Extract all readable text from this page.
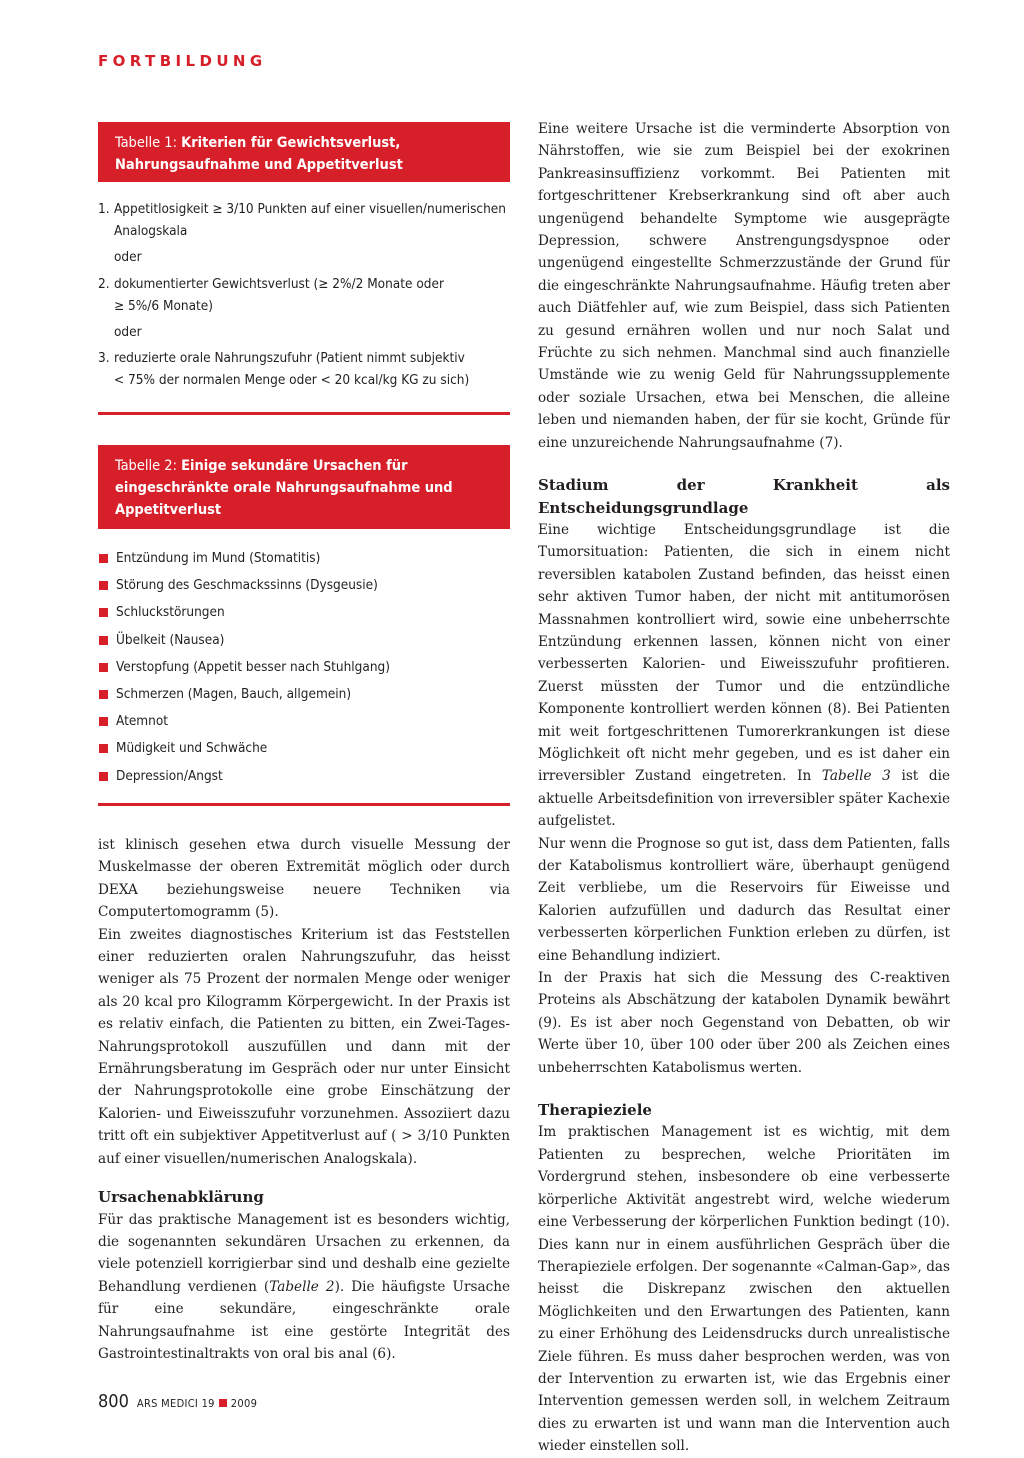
FORTBILDUNG
Tabelle 1: Kriterien für Gewichtsverlust, Nahrungsaufnahme und Appetitverlust
1. Appetitlosigkeit ≥ 3/10 Punkten auf einer visuellen/numerischen
Analogskala
oder
2. dokumentierter Gewichtsverlust (≥ 2%/2 Monate oder
≥ 5%/6 Monate)
oder
3. reduzierte orale Nahrungszufuhr (Patient nimmt subjektiv
< 75% der normalen Menge oder < 20 kcal/kg KG zu sich)
Tabelle 2: Einige sekundäre Ursachen für eingeschränkte orale Nahrungsaufnahme und Appetitverlust
Entzündung im Mund (Stomatitis)
Störung des Geschmackssinns (Dysgeusie)
Schluckstörungen
Übelkeit (Nausea)
Verstopfung (Appetit besser nach Stuhlgang)
Schmerzen (Magen, Bauch, allgemein)
Atemnot
Müdigkeit und Schwäche
Depression/Angst

ist klinisch gesehen etwa durch visuelle Messung der Muskelmasse der oberen Extremität möglich oder durch DEXA beziehungsweise neuere Techniken via Computertomogramm (5).

Ein zweites diagnostisches Kriterium ist das Feststellen einer reduzierten oralen Nahrungszufuhr, das heisst weniger als 75 Prozent der normalen Menge oder weniger als 20 kcal pro Kilogramm Körpergewicht. In der Praxis ist es relativ einfach, die Patienten zu bitten, ein Zwei-Tages-Nahrungsprotokoll auszufüllen und dann mit der Ernährungsberatung im Gespräch oder nur unter Einsicht der Nahrungsprotokolle eine grobe Einschätzung der Kalorien- und Eiweisszufuhr vorzunehmen. Assoziiert dazu tritt oft ein subjektiver Appetitverlust auf ( > 3/10 Punkten auf einer visuellen/numerischen Analogskala).

Ursachenabklärung

Für das praktische Management ist es besonders wichtig, die sogenannten sekundären Ursachen zu erkennen, da viele potenziell korrigierbar sind und deshalb eine gezielte Behandlung verdienen (Tabelle 2). Die häufigste Ursache für eine sekundäre, eingeschränkte orale Nahrungsaufnahme ist eine gestörte Integrität des Gastrointestinaltrakts von oral bis anal (6).

Eine weitere Ursache ist die verminderte Absorption von Nährstoffen, wie sie zum Beispiel bei der exokrinen Pankreasinsuffizienz vorkommt. Bei Patienten mit fortgeschrittener Krebserkrankung sind oft aber auch ungenügend behandelte Symptome wie ausgeprägte Depression, schwere Anstrengungsdyspnoe oder ungenügend eingestellte Schmerzzustände der Grund für die eingeschränkte Nahrungsaufnahme. Häufig treten aber auch Diätfehler auf, wie zum Beispiel, dass sich Patienten zu gesund ernähren wollen und nur noch Salat und Früchte zu sich nehmen. Manchmal sind auch finanzielle Umstände wie zu wenig Geld für Nahrungssupplemente oder soziale Ursachen, etwa bei Menschen, die alleine leben und niemanden haben, der für sie kocht, Gründe für eine unzureichende Nahrungsaufnahme (7).

Stadium der Krankheit als Entscheidungsgrundlage

Eine wichtige Entscheidungsgrundlage ist die Tumorsituation: Patienten, die sich in einem nicht reversiblen katabolen Zustand befinden, das heisst einen sehr aktiven Tumor haben, der nicht mit antitumorösen Massnahmen kontrolliert wird, sowie eine unbeherrschte Entzündung erkennen lassen, können nicht von einer verbesserten Kalorien- und Eiweisszufuhr profitieren. Zuerst müssten der Tumor und die entzündliche Komponente kontrolliert werden können (8). Bei Patienten mit weit fortgeschrittenen Tumorerkrankungen ist diese Möglichkeit oft nicht mehr gegeben, und es ist daher ein irreversibler Zustand eingetreten. In Tabelle 3 ist die aktuelle Arbeitsdefinition von irreversibler später Kachexie aufgelistet.

Nur wenn die Prognose so gut ist, dass dem Patienten, falls der Katabolismus kontrolliert wäre, überhaupt genügend Zeit verbliebe, um die Reservoirs für Eiweisse und Kalorien aufzufüllen und dadurch das Resultat einer verbesserten körperlichen Funktion erleben zu dürfen, ist eine Behandlung indiziert.

In der Praxis hat sich die Messung des C-reaktiven Proteins als Abschätzung der katabolen Dynamik bewährt (9). Es ist aber noch Gegenstand von Debatten, ob wir Werte über 10, über 100 oder über 200 als Zeichen eines unbeherrschten Katabolismus werten.

Therapieziele

Im praktischen Management ist es wichtig, mit dem Patienten zu besprechen, welche Prioritäten im Vordergrund stehen, insbesondere ob eine verbesserte körperliche Aktivität angestrebt wird, welche wiederum eine Verbesserung der körperlichen Funktion bedingt (10). Dies kann nur in einem ausführlichen Gespräch über die Therapieziele erfolgen. Der sogenannte «Calman-Gap», das heisst die Diskrepanz zwischen den aktuellen Möglichkeiten und den Erwartungen des Patienten, kann zu einer Erhöhung des Leidensdrucks durch unrealistische Ziele führen. Es muss daher besprochen werden, was von der Intervention zu erwarten ist, wie das Ergebnis einer Intervention gemessen werden soll, in welchem Zeitraum dies zu erwarten ist und wann man die Intervention auch wieder einstellen soll.

800 ARS MEDICI 19 2009
